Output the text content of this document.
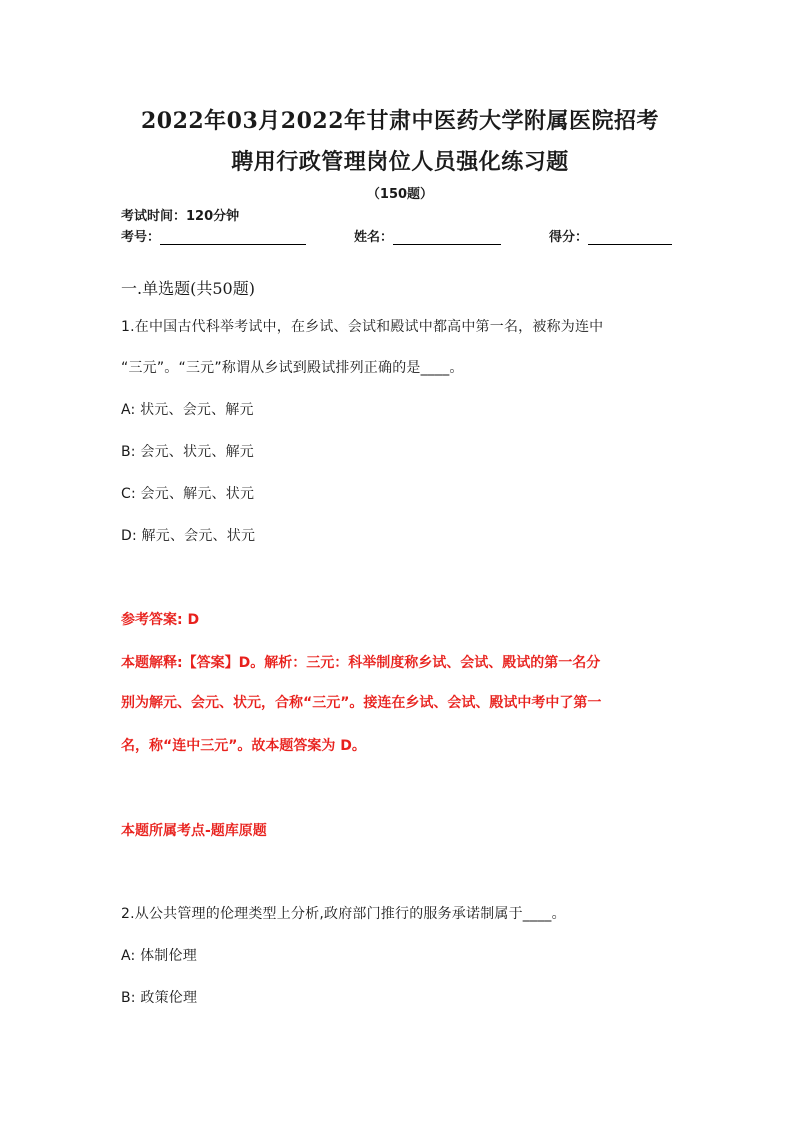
2022年03月2022年甘肃中医药大学附属医院招考
聘用行政管理岗位人员强化练习题
（150题）
考试时间：120分钟
考号：	姓名：	得分：
一.单选题(共50题)
1.在中国古代科举考试中，在乡试、会试和殿试中都高中第一名，被称为连中
“三元”。“三元”称谓从乡试到殿试排列正确的是____。
A: 状元、会元、解元
B: 会元、状元、解元
C: 会元、解元、状元
D: 解元、会元、状元
参考答案: D
本题解释:【答案】D。解析：三元：科举制度称乡试、会试、殿试的第一名分
别为解元、会元、状元，合称“三元”。接连在乡试、会试、殿试中考中了第一
名，称“连中三元”。故本题答案为 D。
本题所属考点-题库原题
2.从公共管理的伦理类型上分析,政府部门推行的服务承诺制属于____。
A: 体制伦理
B: 政策伦理
